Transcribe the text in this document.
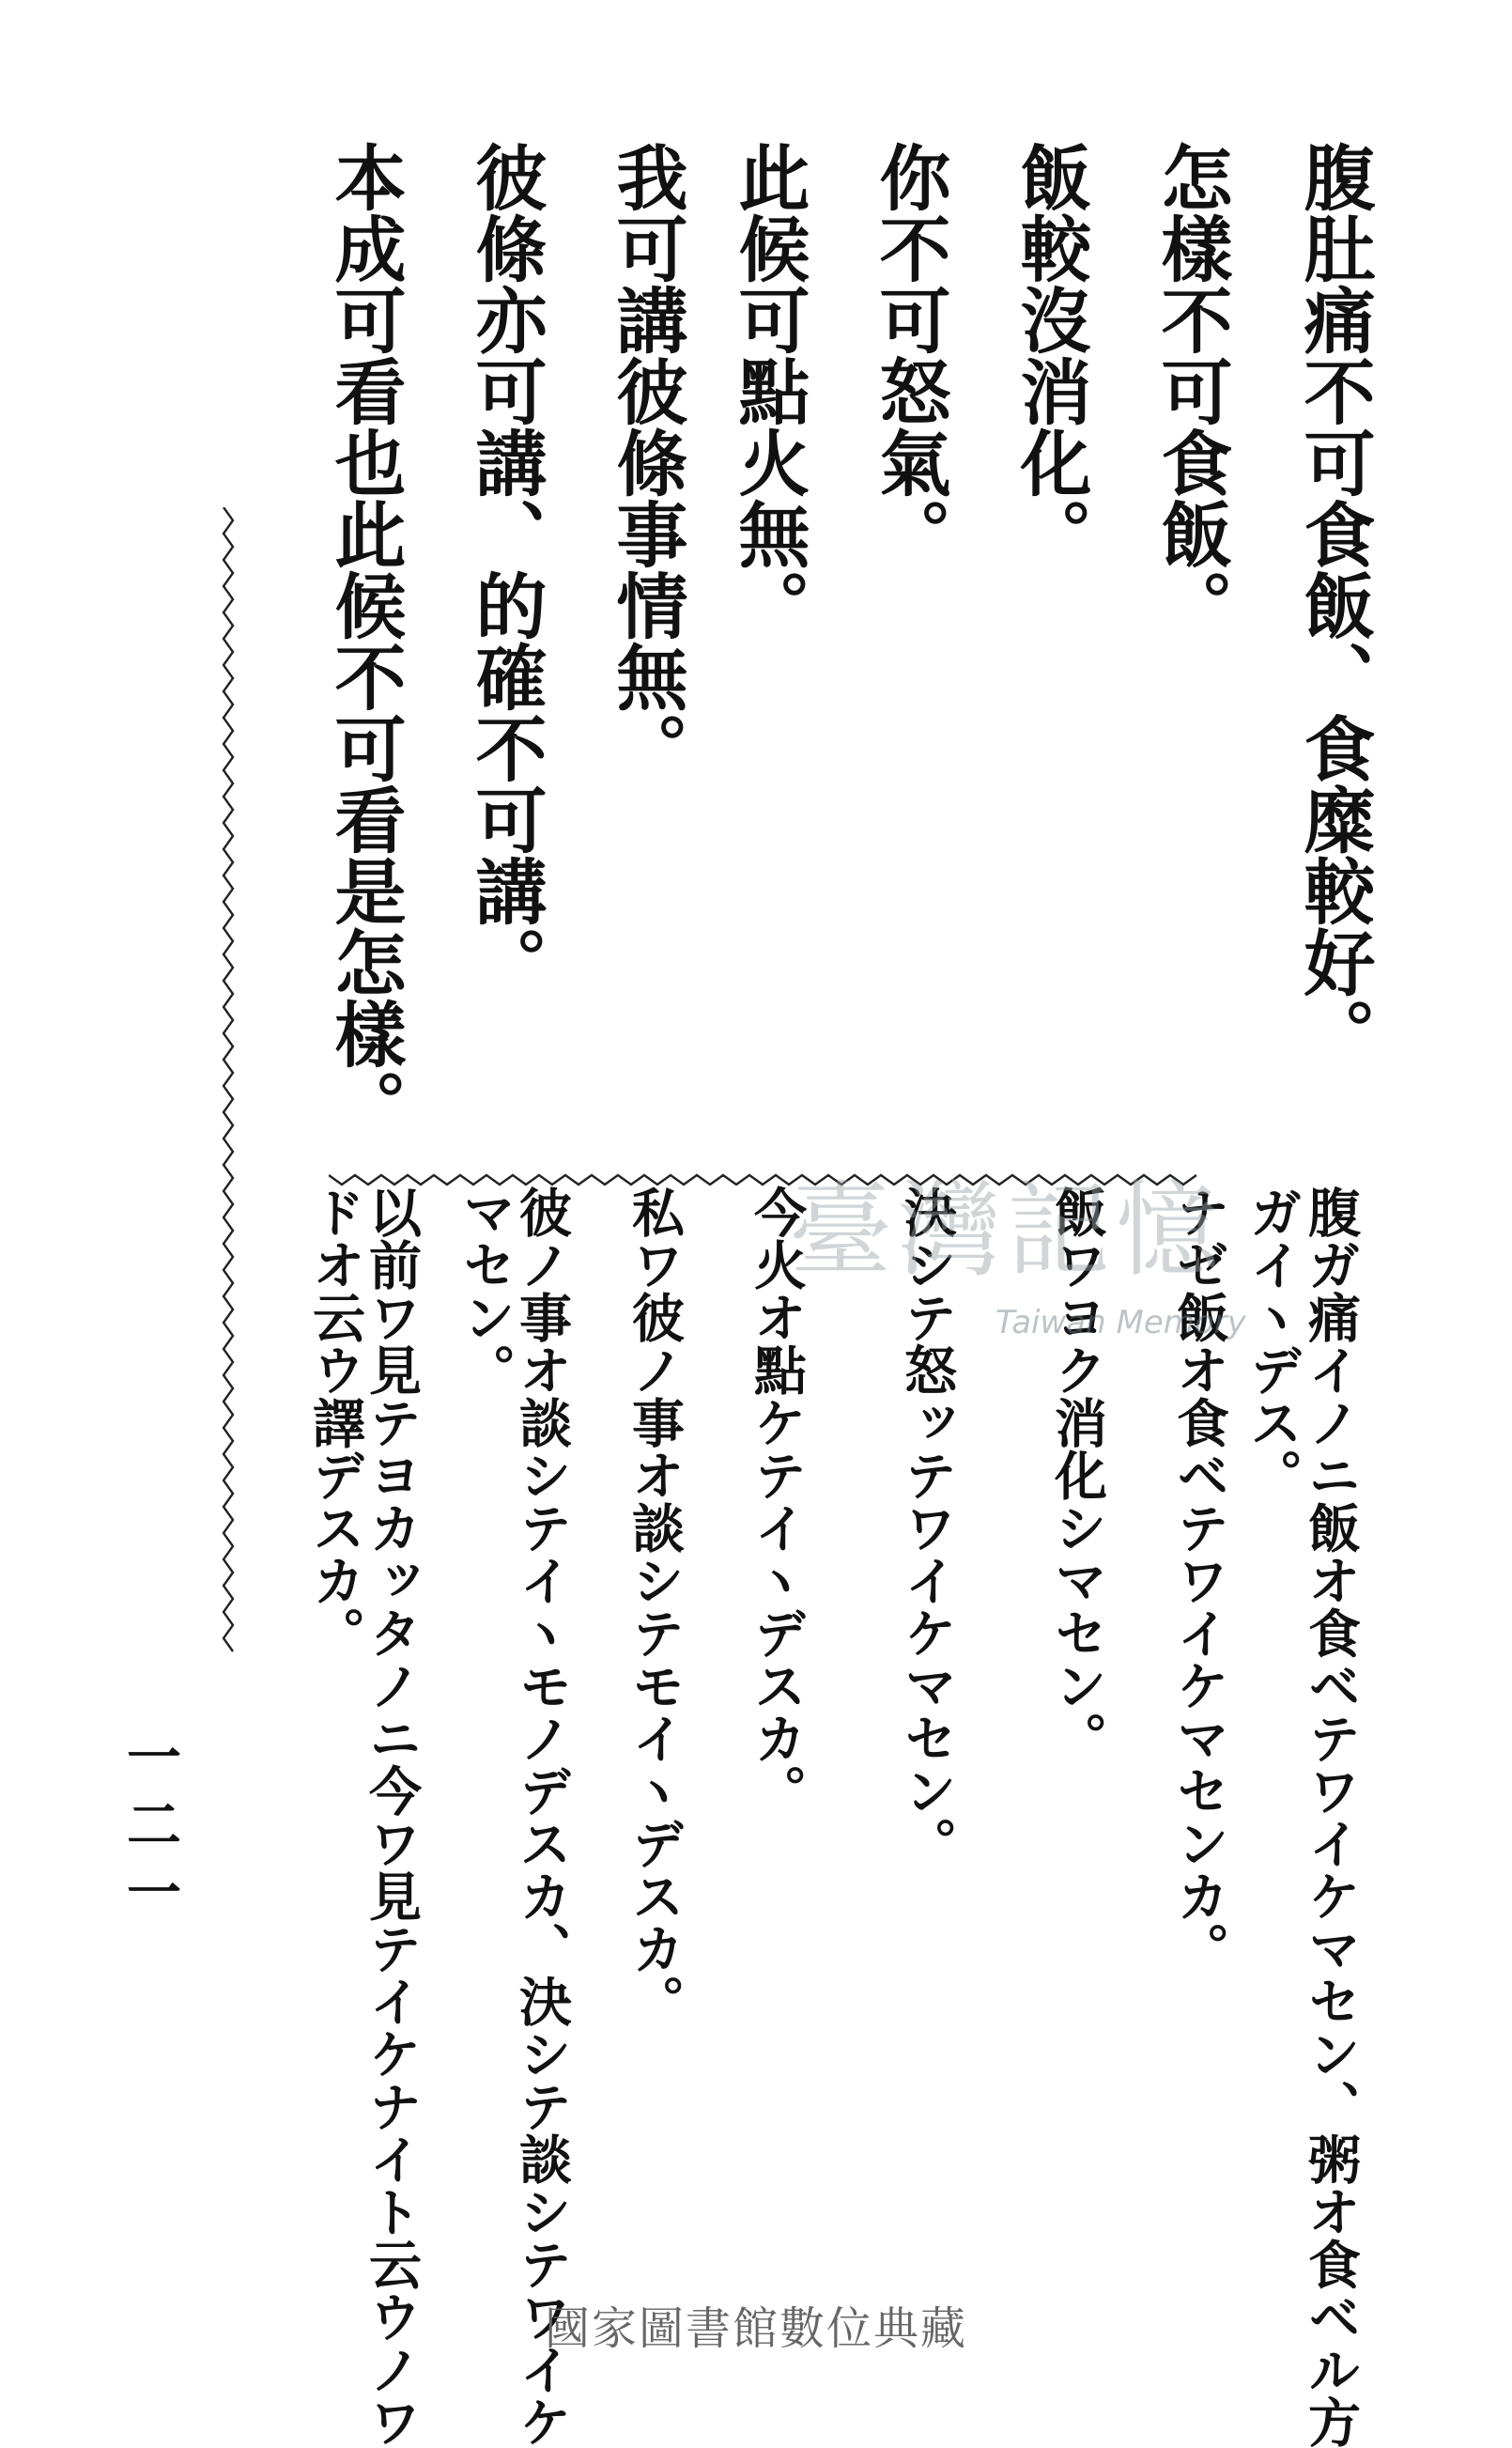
腹肚痛不可食飯、食糜較好。
怎樣不可食飯。
飯較沒消化。
你不可怒氣。
此候可點火無。
我可講彼條事情無。
彼條亦可講、的確不可講。
本成可看也此候不可看是怎樣。
腹ガ痛イノニ飯オ食ベテワイケマセン、粥オ食ベル方
ガイヽデス。
ナゼ飯オ食ベテワイケマセンカ。
飯ワヨク消化シマセン。
決シテ怒ッテワイケマセン。
今火オ點ケテイヽデスカ。
私ワ彼ノ事オ談シテモイヽデスカ。
彼ノ事オ談シテイヽモノデスカ、決シテ談シテワイケ
マセン。
以前ワ見テヨカッタノニ今ワ見テイケナイト云ウノワ
ドオ云ウ譯デスカ。
一二一
臺灣記憶
Taiwan Memory
國家圖書館數位典藏
